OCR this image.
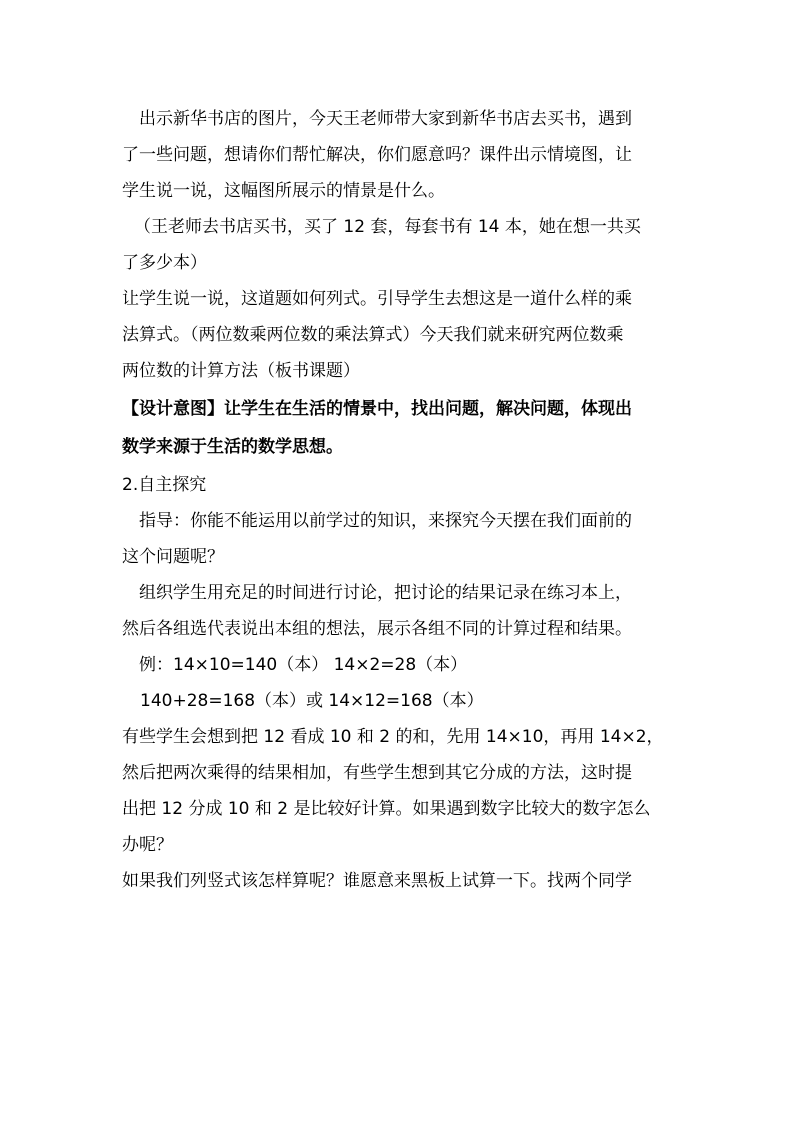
出示新华书店的图片，今天王老师带大家到新华书店去买书，遇到
了一些问题，想请你们帮忙解决，你们愿意吗？课件出示情境图，让
学生说一说，这幅图所展示的情景是什么。
（王老师去书店买书，买了 12 套，每套书有 14 本，她在想一共买
了多少本）
让学生说一说，这道题如何列式。引导学生去想这是一道什么样的乘
法算式。（两位数乘两位数的乘法算式）今天我们就来研究两位数乘
两位数的计算方法（板书课题）
【设计意图】让学生在生活的情景中，找出问题，解决问题，体现出
数学来源于生活的数学思想。
2.自主探究
指导：你能不能运用以前学过的知识，来探究今天摆在我们面前的
这个问题呢？
组织学生用充足的时间进行讨论，把讨论的结果记录在练习本上，
然后各组选代表说出本组的想法，展示各组不同的计算过程和结果。
例：14×10=140（本） 14×2=28（本）
140+28=168（本）或 14×12=168（本）
有些学生会想到把 12 看成 10 和 2 的和，先用 14×10，再用 14×2，
然后把两次乘得的结果相加，有些学生想到其它分成的方法，这时提
出把 12 分成 10 和 2 是比较好计算。如果遇到数字比较大的数字怎么
办呢？
如果我们列竖式该怎样算呢？谁愿意来黑板上试算一下。找两个同学
